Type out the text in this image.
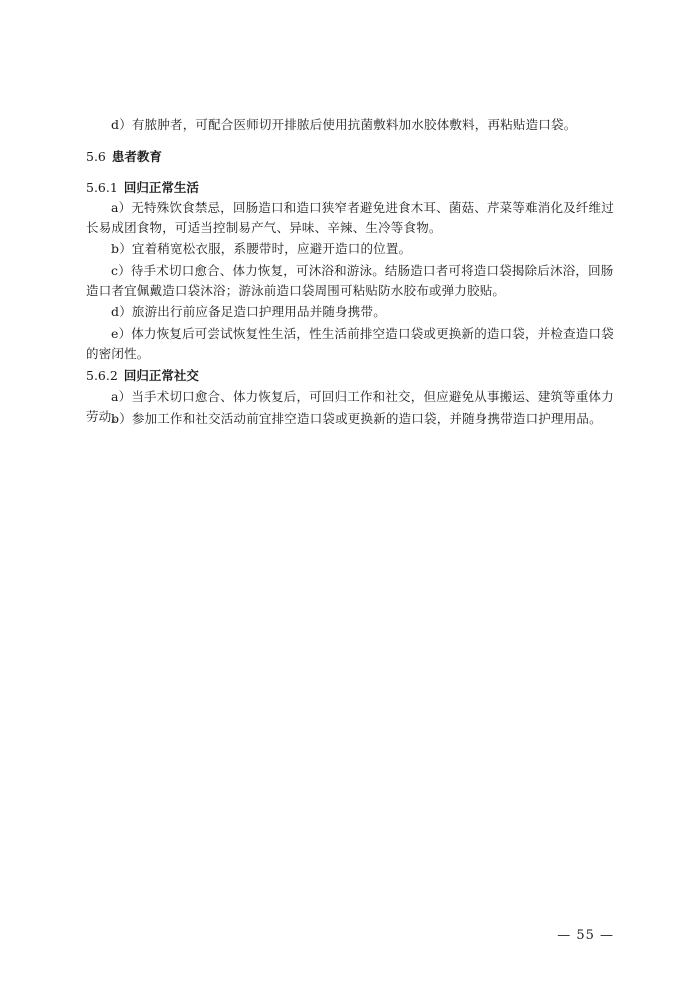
d）有脓肿者，可配合医师切开排脓后使用抗菌敷料加水胶体敷料，再粘贴造口袋。

5.6 患者教育

5.6.1 回归正常生活

a）无特殊饮食禁忌，回肠造口和造口狭窄者避免进食木耳、菌菇、芹菜等难消化及纤维过长易成团食物，可适当控制易产气、异味、辛辣、生冷等食物。

b）宜着稍宽松衣服，系腰带时，应避开造口的位置。

c）待手术切口愈合、体力恢复，可沐浴和游泳。结肠造口者可将造口袋揭除后沐浴，回肠造口者宜佩戴造口袋沐浴；游泳前造口袋周围可粘贴防水胶布或弹力胶贴。

d）旅游出行前应备足造口护理用品并随身携带。

e）体力恢复后可尝试恢复性生活，性生活前排空造口袋或更换新的造口袋，并检查造口袋的密闭性。

5.6.2 回归正常社交

a）当手术切口愈合、体力恢复后，可回归工作和社交，但应避免从事搬运、建筑等重体力劳动。

b）参加工作和社交活动前宜排空造口袋或更换新的造口袋，并随身携带造口护理用品。

— 55 —
